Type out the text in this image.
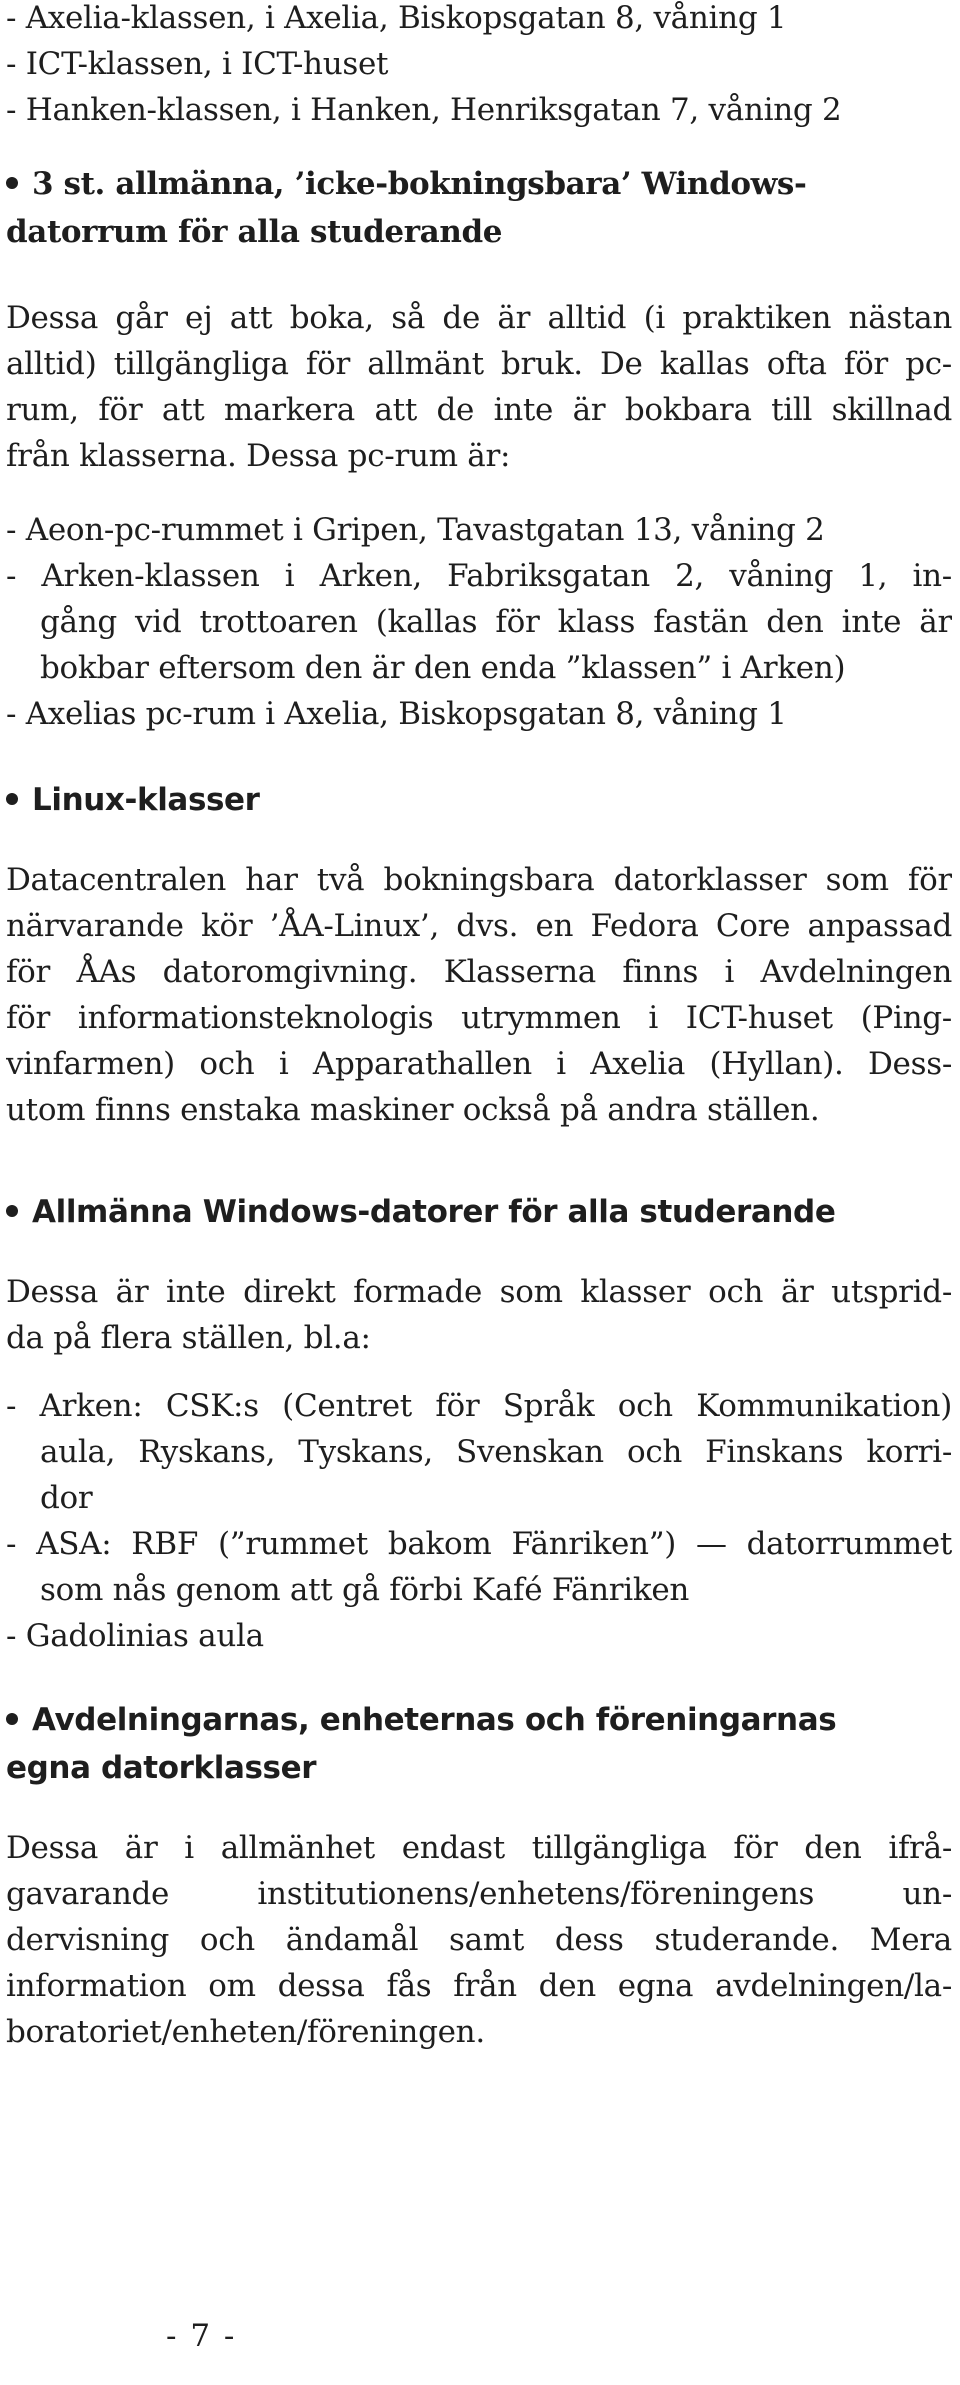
- Axelia-klassen, i Axelia, Biskopsgatan 8, våning 1
- ICT-klassen, i ICT-huset
- Hanken-klassen, i Hanken, Henriksgatan 7, våning 2
3 st. allmänna, ’icke-bokningsbara’ Windows-
datorrum för alla studerande
Dessa går ej att boka, så de är alltid (i praktiken nästan
alltid) tillgängliga för allmänt bruk. De kallas ofta för pc-
rum, för att markera att de inte är bokbara till skillnad
från klasserna. Dessa pc-rum är:
- Aeon-pc-rummet i Gripen, Tavastgatan 13, våning 2
- Arken-klassen i Arken, Fabriksgatan 2, våning 1, in-
gång vid trottoaren (kallas för klass fastän den inte är
bokbar eftersom den är den enda ”klassen” i Arken)
- Axelias pc-rum i Axelia, Biskopsgatan 8, våning 1
Linux-klasser
Datacentralen har två bokningsbara datorklasser som för
närvarande kör ’ÅA-Linux’, dvs. en Fedora Core anpassad
för ÅAs datoromgivning. Klasserna finns i Avdelningen
för informationsteknologis utrymmen i ICT-huset (Ping-
vinfarmen) och i Apparathallen i Axelia (Hyllan). Dess-
utom finns enstaka maskiner också på andra ställen.
Allmänna Windows-datorer för alla studerande
Dessa är inte direkt formade som klasser och är utsprid-
da på flera ställen, bl.a:
- Arken: CSK:s (Centret för Språk och Kommunikation)
aula, Ryskans, Tyskans, Svenskan och Finskans korri-
dor
- ASA: RBF (”rummet bakom Fänriken”) — datorrummet
som nås genom att gå förbi Kafé Fänriken
- Gadolinias aula
Avdelningarnas, enheternas och föreningarnas
egna datorklasser
Dessa är i allmänhet endast tillgängliga för den ifrå-
gavarande institutionens/enhetens/föreningens un-
dervisning och ändamål samt dess studerande. Mera
information om dessa fås från den egna avdelningen/la-
boratoriet/enheten/föreningen.
- 7 -
